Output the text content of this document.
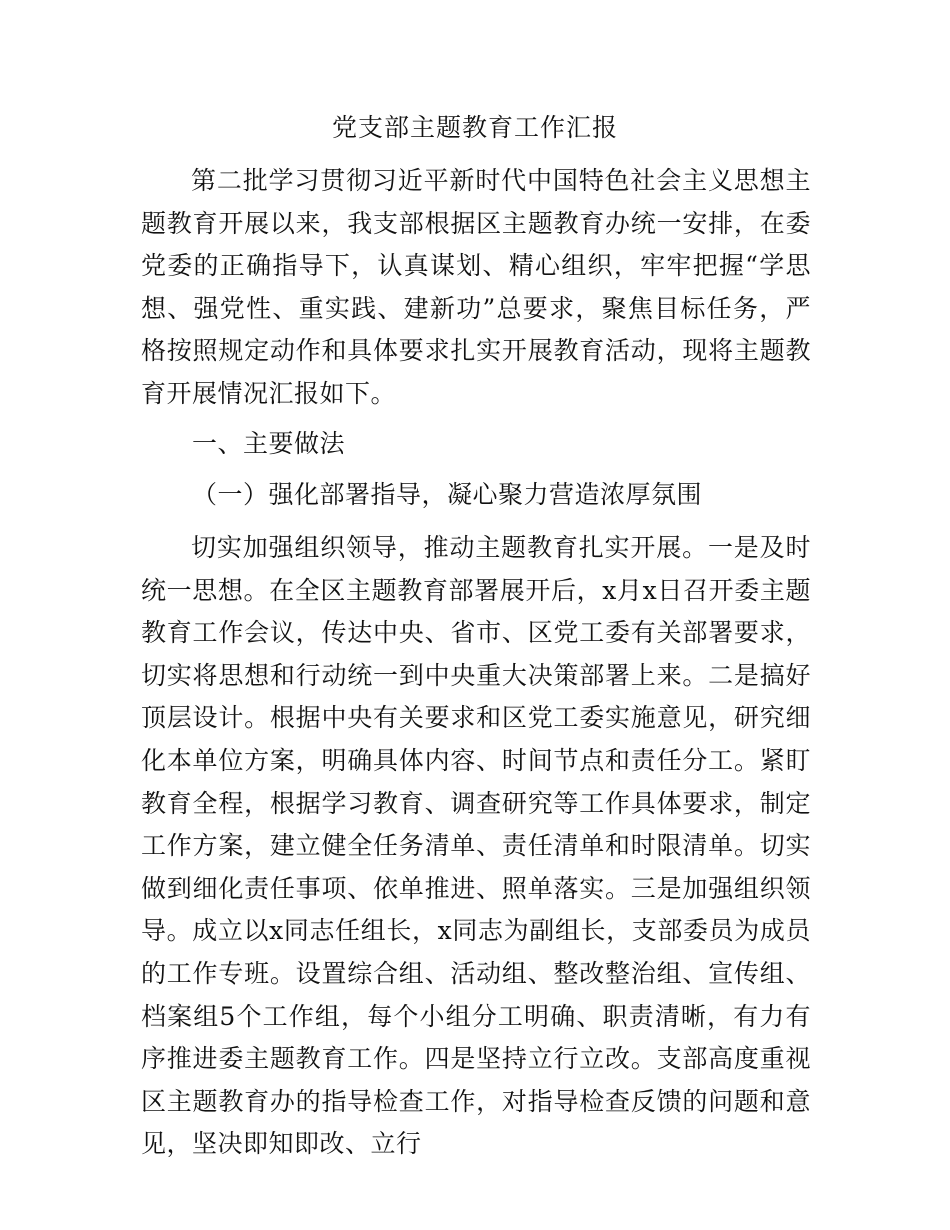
党支部主题教育工作汇报

第二批学习贯彻习近平新时代中国特色社会主义思想主题教育开展以来，我支部根据区主题教育办统一安排，在委党委的正确指导下，认真谋划、精心组织，牢牢把握“学思想、强党性、重实践、建新功”总要求，聚焦目标任务，严格按照规定动作和具体要求扎实开展教育活动，现将主题教育开展情况汇报如下。

一、主要做法
（一）强化部署指导，凝心聚力营造浓厚氛围

切实加强组织领导，推动主题教育扎实开展。一是及时统一思想。在全区主题教育部署展开后，x月x日召开委主题教育工作会议，传达中央、省市、区党工委有关部署要求，切实将思想和行动统一到中央重大决策部署上来。二是搞好顶层设计。根据中央有关要求和区党工委实施意见，研究细化本单位方案，明确具体内容、时间节点和责任分工。紧盯教育全程，根据学习教育、调查研究等工作具体要求，制定工作方案，建立健全任务清单、责任清单和时限清单。切实做到细化责任事项、依单推进、照单落实。三是加强组织领导。成立以x同志任组长，x同志为副组长，支部委员为成员的工作专班。设置综合组、活动组、整改整治组、宣传组、档案组5个工作组，每个小组分工明确、职责清晰，有力有序推进委主题教育工作。四是坚持立行立改。支部高度重视区主题教育办的指导检查工作，对指导检查反馈的问题和意见，坚决即知即改、立行
